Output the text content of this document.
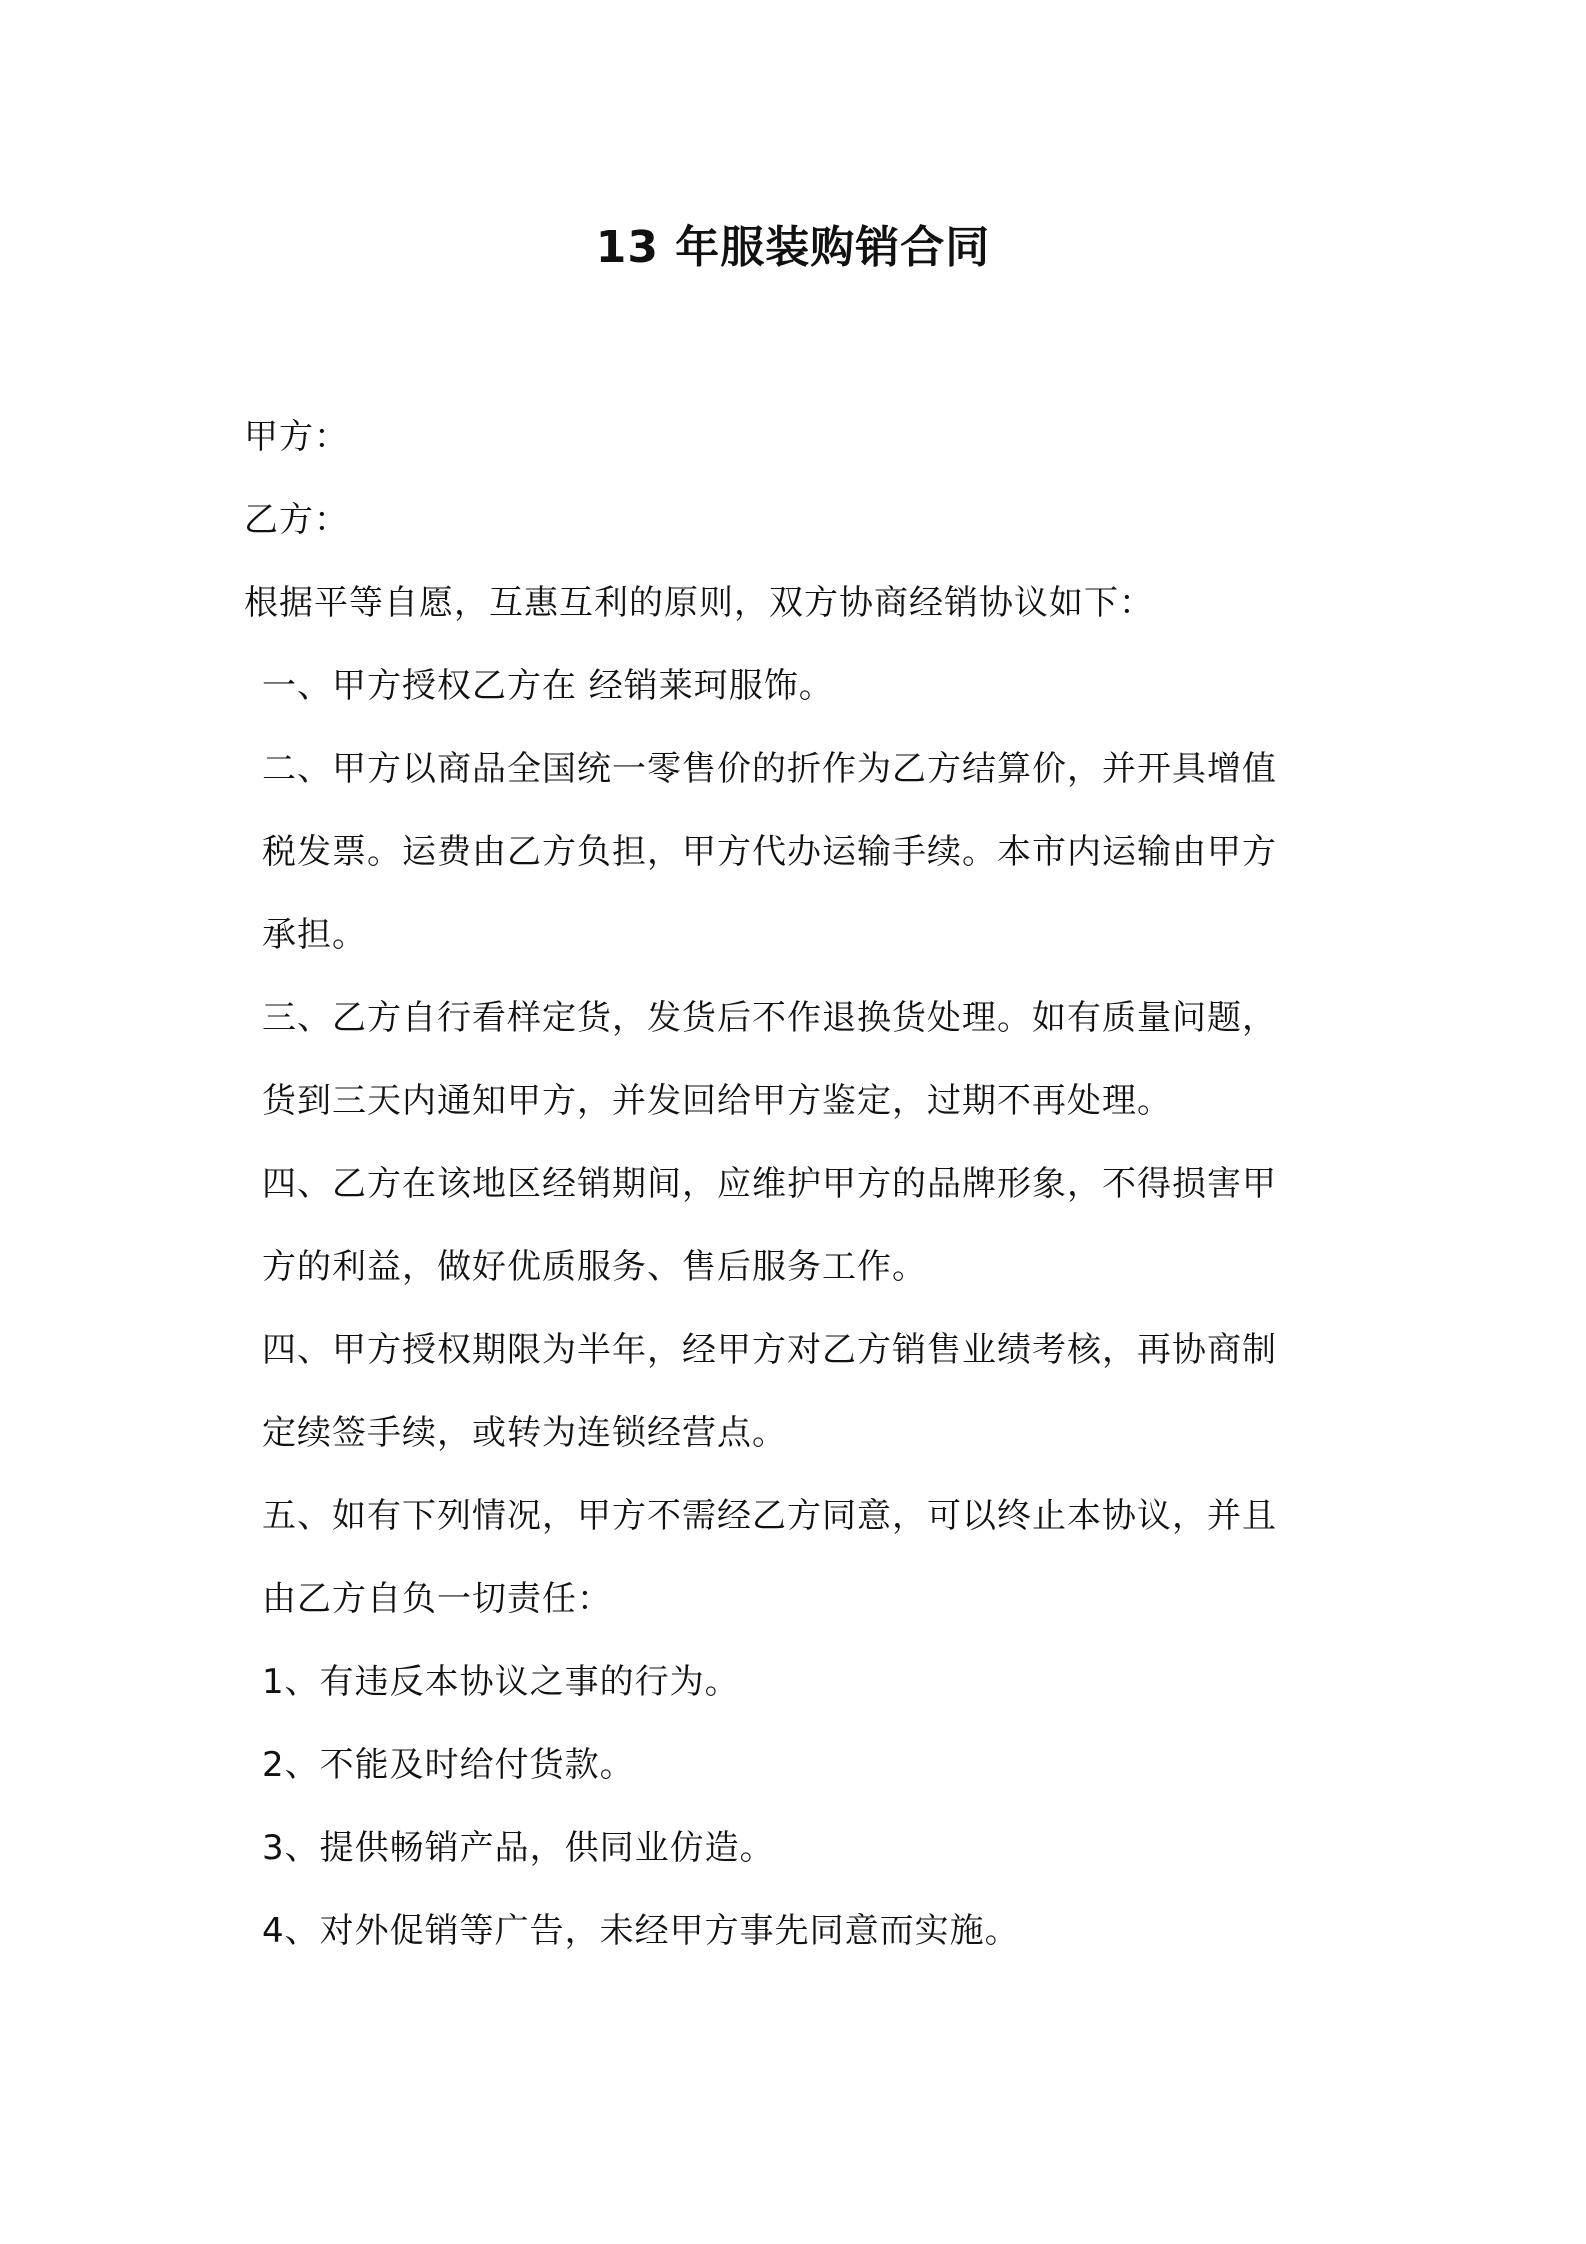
13 年服装购销合同
甲方：
乙方：
根据平等自愿，互惠互利的原则，双方协商经销协议如下：
一、甲方授权乙方在 经销莱珂服饰。
二、甲方以商品全国统一零售价的折作为乙方结算价，并开具增值
税发票。运费由乙方负担，甲方代办运输手续。本市内运输由甲方
承担。
三、乙方自行看样定货，发货后不作退换货处理。如有质量问题，
货到三天内通知甲方，并发回给甲方鉴定，过期不再处理。
四、乙方在该地区经销期间，应维护甲方的品牌形象，不得损害甲
方的利益，做好优质服务、售后服务工作。
四、甲方授权期限为半年，经甲方对乙方销售业绩考核，再协商制
定续签手续，或转为连锁经营点。
五、如有下列情况，甲方不需经乙方同意，可以终止本协议，并且
由乙方自负一切责任：
1、有违反本协议之事的行为。
2、不能及时给付货款。
3、提供畅销产品，供同业仿造。
4、对外促销等广告，未经甲方事先同意而实施。
